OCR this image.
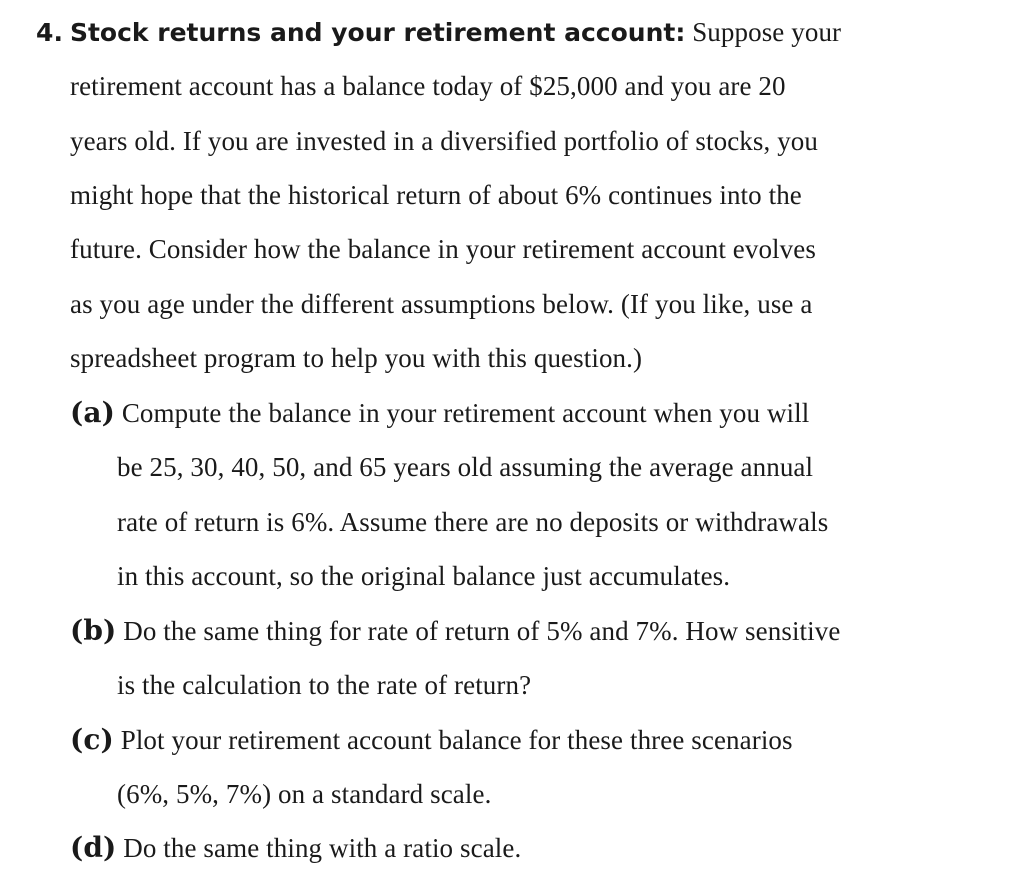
4. Stock returns and your retirement account: Suppose your
retirement account has a balance today of $25,000 and you are 20
years old. If you are invested in a diversified portfolio of stocks, you
might hope that the historical return of about 6% continues into the
future. Consider how the balance in your retirement account evolves
as you age under the different assumptions below. (If you like, use a
spreadsheet program to help you with this question.)
(a) Compute the balance in your retirement account when you will
be 25, 30, 40, 50, and 65 years old assuming the average annual
rate of return is 6%. Assume there are no deposits or withdrawals
in this account, so the original balance just accumulates.
(b) Do the same thing for rate of return of 5% and 7%. How sensitive
is the calculation to the rate of return?
(c) Plot your retirement account balance for these three scenarios
(6%, 5%, 7%) on a standard scale.
(d) Do the same thing with a ratio scale.
